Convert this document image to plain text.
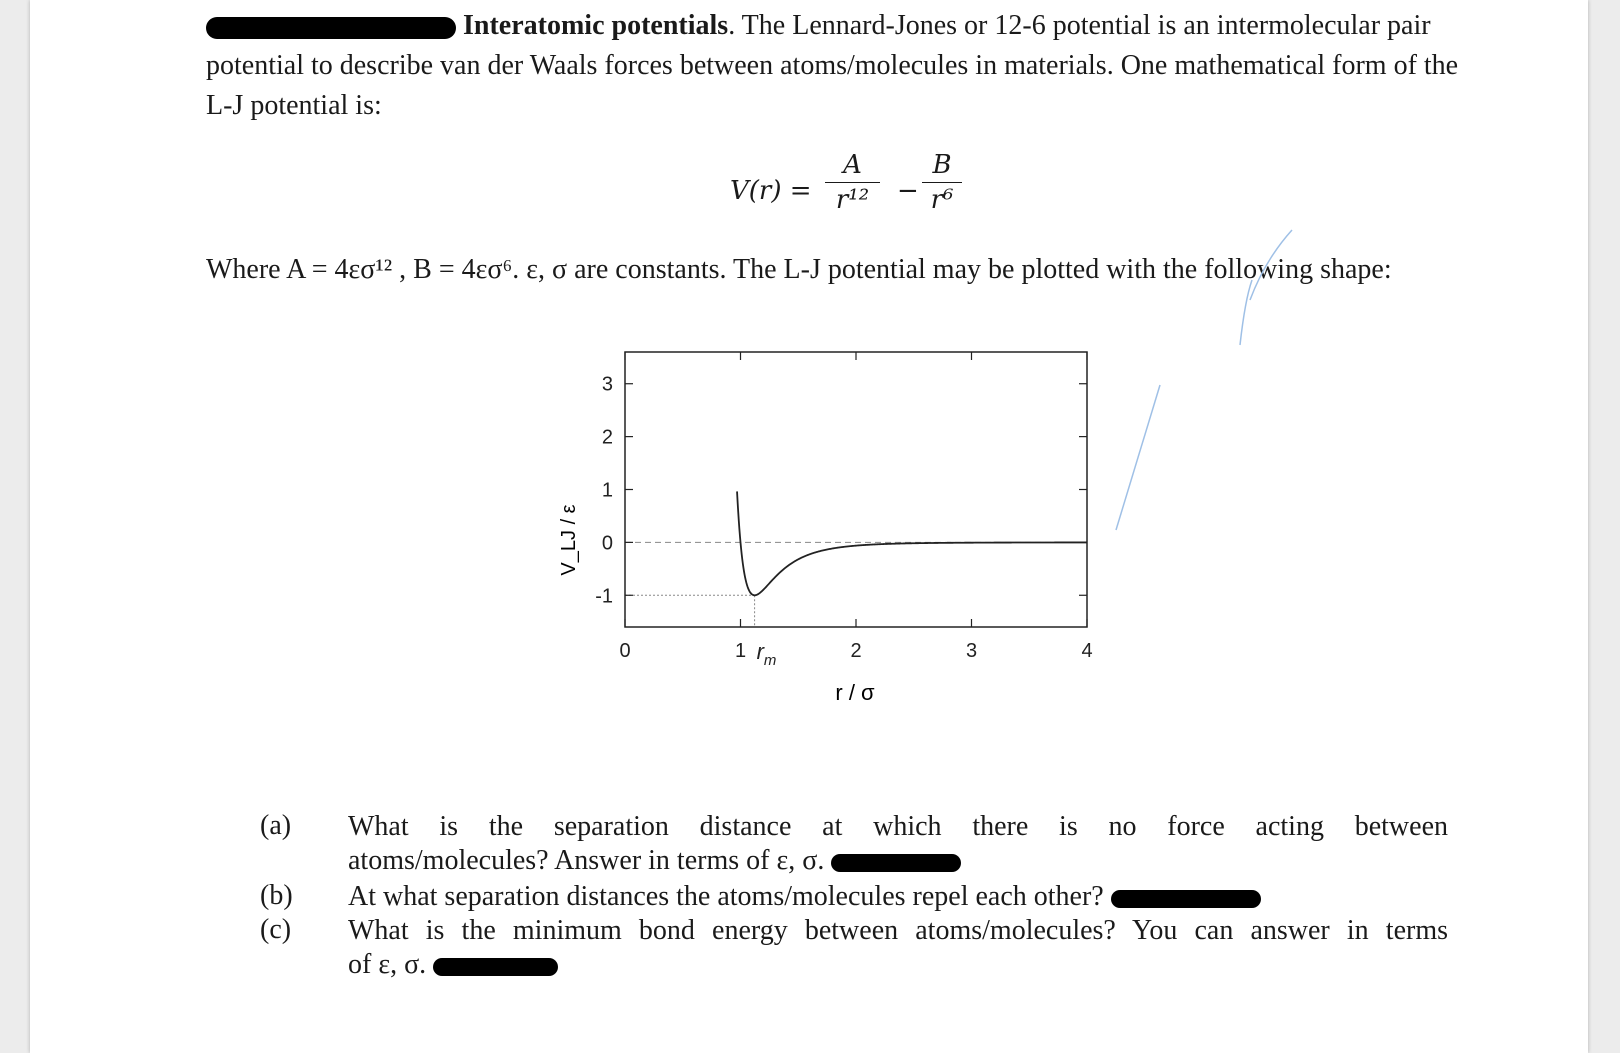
Interatomic potentials. The Lennard-Jones or 12-6 potential is an intermolecular pair potential to describe van der Waals forces between atoms/molecules in materials. One mathematical form of the L-J potential is:
V(r) =
A
r¹²	−
B
r⁶
Where A = 4εσ¹² , B = 4εσ⁶. ε, σ are constants. The L-J potential may be plotted with the following shape:
V_LJ / ε
r / σ
3
2
1
0
-1
0	1	2	3	4
$r_m$
(a) What is the separation distance at which there is no force acting between
atoms/molecules? Answer in terms of ε, σ.
(b) At what separation distances the atoms/molecules repel each other?
(c) What is the minimum bond energy between atoms/molecules? You can answer in terms
of ε, σ.
